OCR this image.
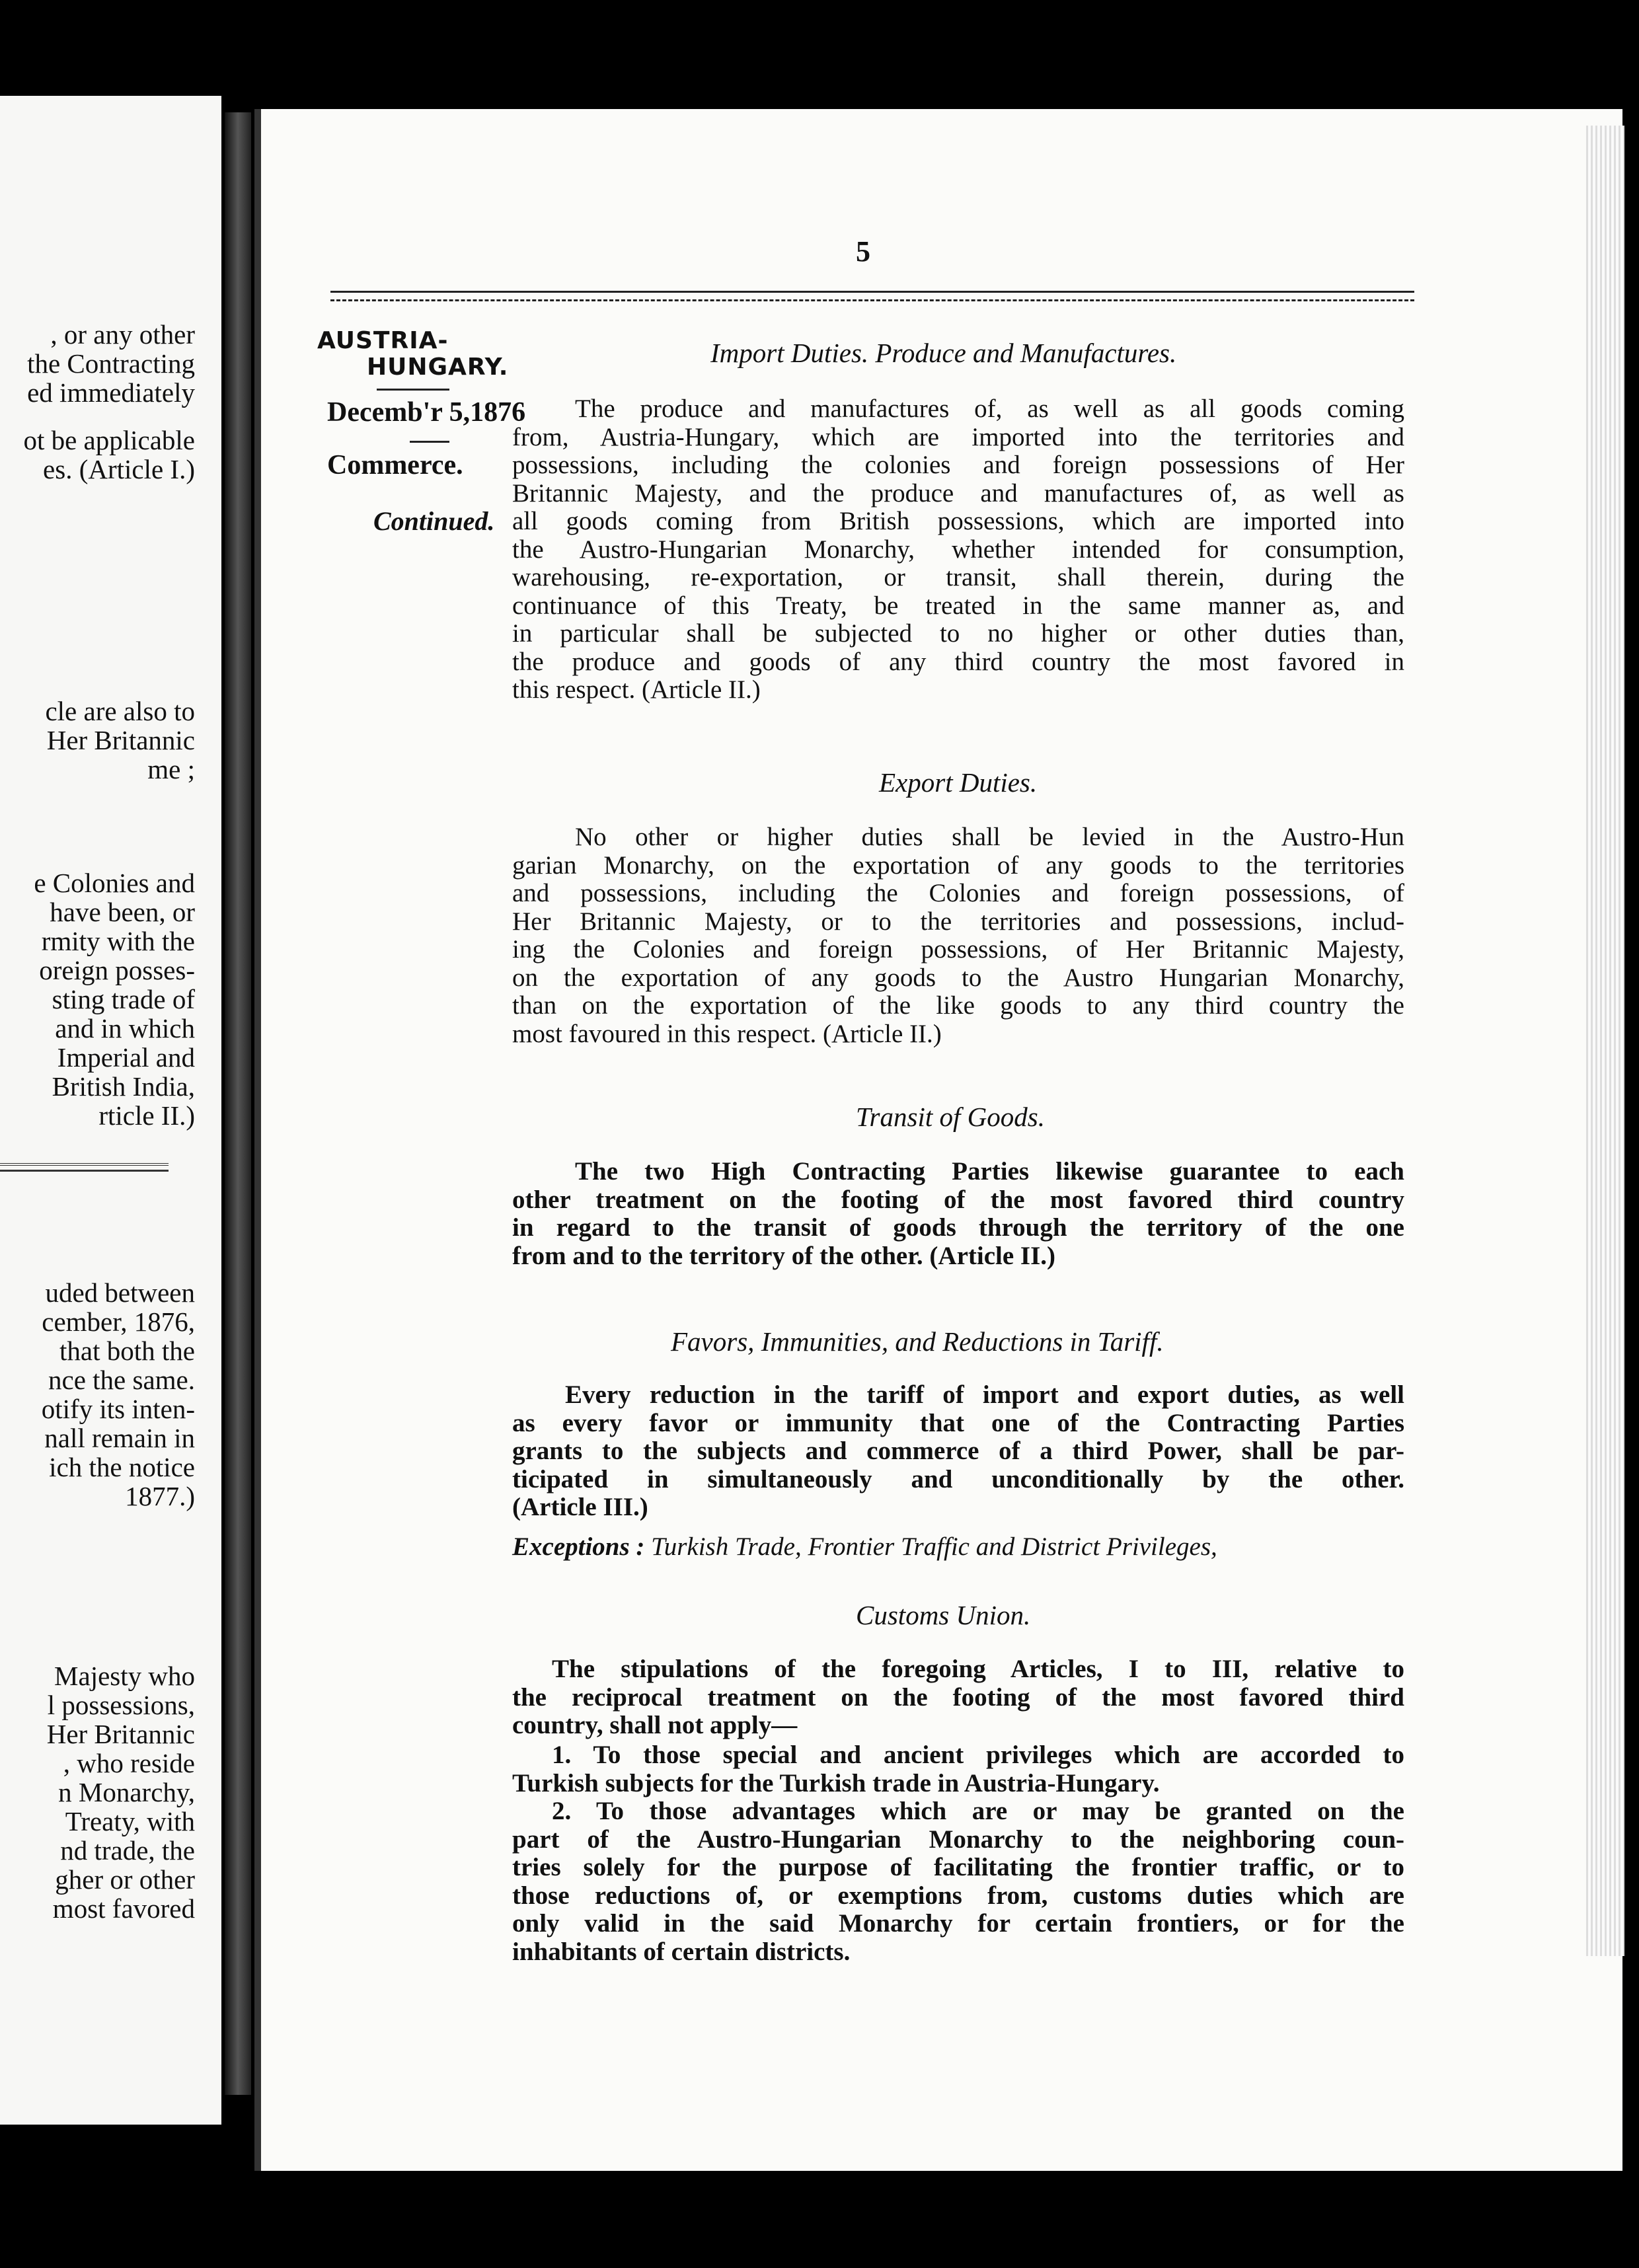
, or any other
the Contracting
ed immediately
ot be applicable
es. (Article I.)
cle are also to
Her Britannic
me ;
e Colonies and
have been, or
rmity with the
oreign posses-
sting trade of
and in which
Imperial and
British India,
rticle II.)
uded between
cember, 1876,
that both the
nce the same.
otify its inten-
nall remain in
ich the notice
1877.)
Majesty who
l possessions,
Her Britannic
, who reside
n Monarchy,
Treaty, with
nd trade, the
gher or other
most favored
5
AUSTRIA-
HUNGARY.
Decemb'r 5,1876
Commerce.
Continued.
Import Duties. Produce and Manufactures.
The produce and manufactures of, as well as all goods coming
from, Austria-Hungary, which are imported into the territories and
possessions, including the colonies and foreign possessions of Her
Britannic Majesty, and the produce and manufactures of, as well as
all goods coming from British possessions, which are imported into
the Austro-Hungarian Monarchy, whether intended for consumption,
warehousing, re-exportation, or transit, shall therein, during the
continuance of this Treaty, be treated in the same manner as, and
in particular shall be subjected to no higher or other duties than,
the produce and goods of any third country the most favored in
this respect. (Article II.)
Export Duties.
No other or higher duties shall be levied in the Austro-Hun
garian Monarchy, on the exportation of any goods to the territories
and possessions, including the Colonies and foreign possessions, of
Her Britannic Majesty, or to the territories and possessions, includ-
ing the Colonies and foreign possessions, of Her Britannic Majesty,
on the exportation of any goods to the Austro Hungarian Monarchy,
than on the exportation of the like goods to any third country the
most favoured in this respect. (Article II.)
Transit of Goods.
The two High Contracting Parties likewise guarantee to each
other treatment on the footing of the most favored third country
in regard to the transit of goods through the territory of the one
from and to the territory of the other. (Article II.)
Favors, Immunities, and Reductions in Tariff.
Every reduction in the tariff of import and export duties, as well
as every favor or immunity that one of the Contracting Parties
grants to the subjects and commerce of a third Power, shall be par-
ticipated in simultaneously and unconditionally by the other.
(Article III.)
Exceptions : Turkish Trade, Frontier Traffic and District Privileges,
Customs Union.
The stipulations of the foregoing Articles, I to III, relative to
the reciprocal treatment on the footing of the most favored third
country, shall not apply—
1. To those special and ancient privileges which are accorded to
Turkish subjects for the Turkish trade in Austria-Hungary.
2. To those advantages which are or may be granted on the
part of the Austro-Hungarian Monarchy to the neighboring coun-
tries solely for the purpose of facilitating the frontier traffic, or to
those reductions of, or exemptions from, customs duties which are
only valid in the said Monarchy for certain frontiers, or for the
inhabitants of certain districts.
